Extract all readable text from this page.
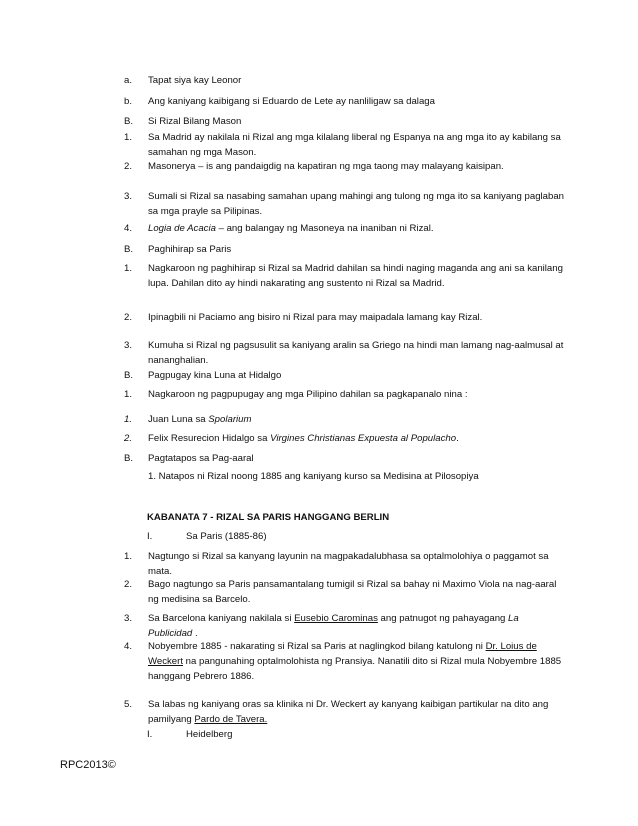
a.	Tapat siya kay Leonor
b.	Ang kaniyang kaibigang si Eduardo de Lete ay nanliligaw sa dalaga
B.	Si Rizal Bilang Mason
1.	Sa Madrid ay nakilala ni Rizal ang mga kilalang liberal ng Espanya na ang mga ito ay kabilang sa samahan ng mga Mason.
2.	Masonerya – is ang pandaigdig na kapatiran ng mga taong may malayang kaisipan.
3.	Sumali si Rizal sa nasabing samahan upang mahingi ang tulong ng mga ito sa kaniyang paglaban sa mga prayle sa Pilipinas.
4.	Logia de Acacia – ang balangay ng Masoneya na inaniban ni Rizal.
B.	Paghihirap sa Paris
1.	Nagkaroon ng paghihirap si Rizal sa Madrid dahilan sa hindi naging maganda ang ani sa kanilang lupa. Dahilan dito ay hindi nakarating ang sustento ni Rizal sa Madrid.
2.	Ipinagbili ni Paciamo ang bisiro ni Rizal para may maipadala lamang kay Rizal.
3.	Kumuha si Rizal ng pagsusulit sa kaniyang aralin sa Griego na hindi man lamang nag-aalmusal at nananghalian.
B.	Pagpugay kina Luna at Hidalgo
1.	Nagkaroon ng pagpupugay ang mga Pilipino dahilan sa pagkapanalo nina :
1.	Juan Luna sa Spolarium
2.	Felix Resurecion Hidalgo sa Virgines Christianas Expuesta al Populacho.
B.	Pagtatapos sa Pag-aaral
1. Natapos ni Rizal noong 1885 ang kaniyang kurso sa Medisina at Pilosopiya
KABANATA 7 - RIZAL SA PARIS HANGGANG BERLIN
I.	Sa Paris (1885-86)
1.	Nagtungo si Rizal sa kanyang layunin na magpakadalubhasa sa optalmolohiya o paggamot sa mata.
2.	Bago nagtungo sa Paris pansamantalang tumigil si Rizal sa bahay ni Maximo Viola na nag-aaral ng medisina sa Barcelo.
3.	Sa Barcelona kaniyang nakilala si Eusebio Carominas ang patnugot ng pahayagang La Publicidad .
4.	Nobyembre 1885 - nakarating si Rizal sa Paris at naglingkod bilang katulong ni Dr. Loius de Weckert na pangunahing optalmolohista ng Pransiya. Nanatili dito si Rizal mula Nobyembre 1885 hanggang Pebrero 1886.
5.	Sa labas ng kaniyang oras sa klinika ni Dr. Weckert ay kanyang kaibigan partikular na dito ang pamilyang Pardo de Tavera.
RPC2013©
I.	Heidelberg
